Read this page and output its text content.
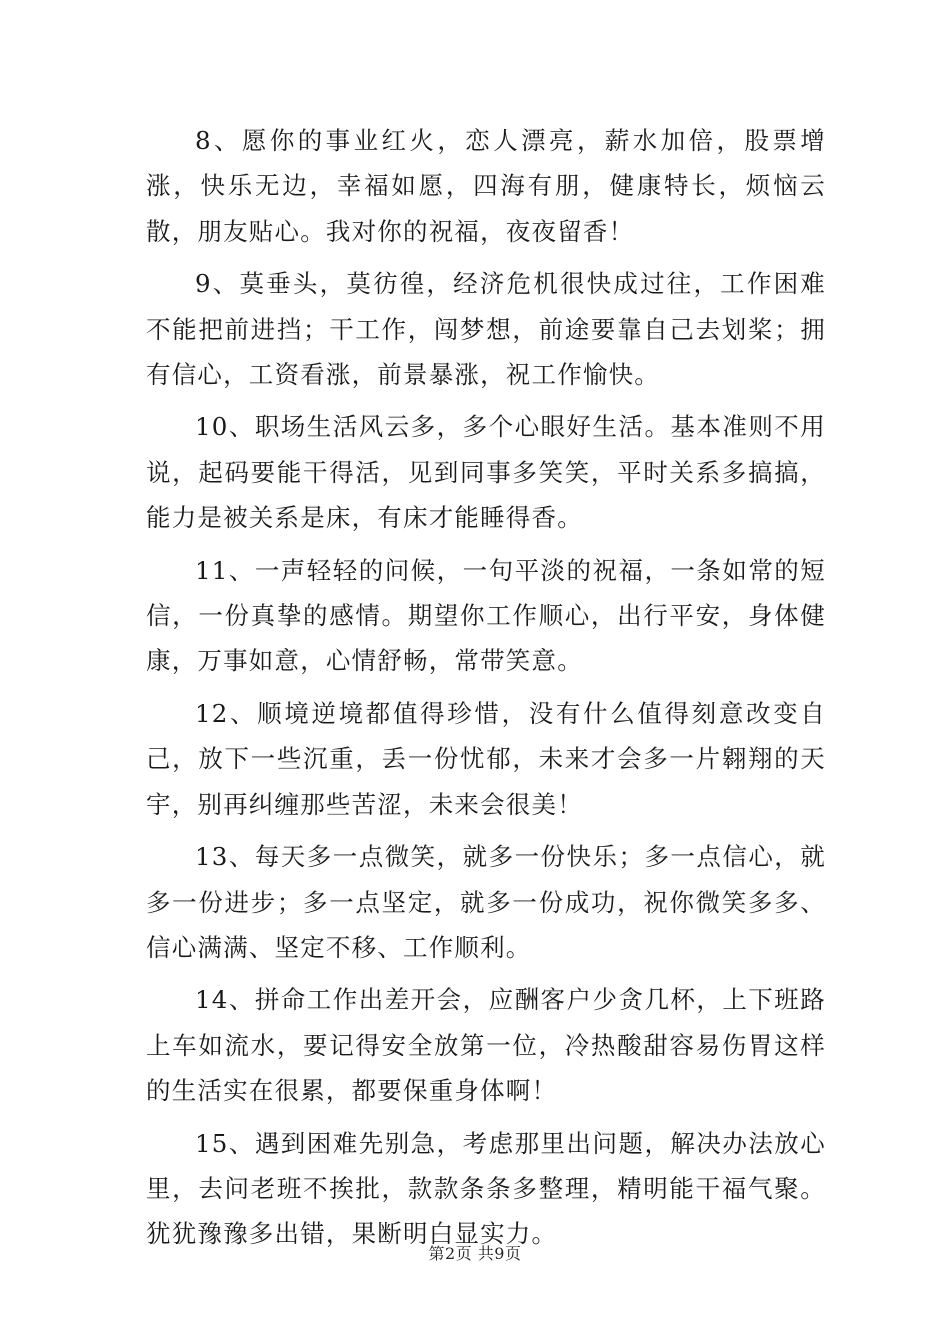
8、愿你的事业红火，恋人漂亮，薪水加倍，股票增涨，快乐无边，幸福如愿，四海有朋，健康特长，烦恼云散，朋友贴心。我对你的祝福，夜夜留香！

9、莫垂头，莫彷徨，经济危机很快成过往，工作困难不能把前进挡；干工作，闯梦想，前途要靠自己去划桨；拥有信心，工资看涨，前景暴涨，祝工作愉快。

10、职场生活风云多，多个心眼好生活。基本准则不用说，起码要能干得活，见到同事多笑笑，平时关系多搞搞，能力是被关系是床，有床才能睡得香。

11、一声轻轻的问候，一句平淡的祝福，一条如常的短信，一份真挚的感情。期望你工作顺心，出行平安，身体健康，万事如意，心情舒畅，常带笑意。

12、顺境逆境都值得珍惜，没有什么值得刻意改变自己，放下一些沉重，丢一份忧郁，未来才会多一片翱翔的天宇，别再纠缠那些苦涩，未来会很美！

13、每天多一点微笑，就多一份快乐；多一点信心，就多一份进步；多一点坚定，就多一份成功，祝你微笑多多、信心满满、坚定不移、工作顺利。

14、拼命工作出差开会，应酬客户少贪几杯，上下班路上车如流水，要记得安全放第一位，冷热酸甜容易伤胃这样的生活实在很累，都要保重身体啊！

15、遇到困难先别急，考虑那里出问题，解决办法放心里，去问老班不挨批，款款条条多整理，精明能干福气聚。犹犹豫豫多出错，果断明白显实力。

第2页 共9页
